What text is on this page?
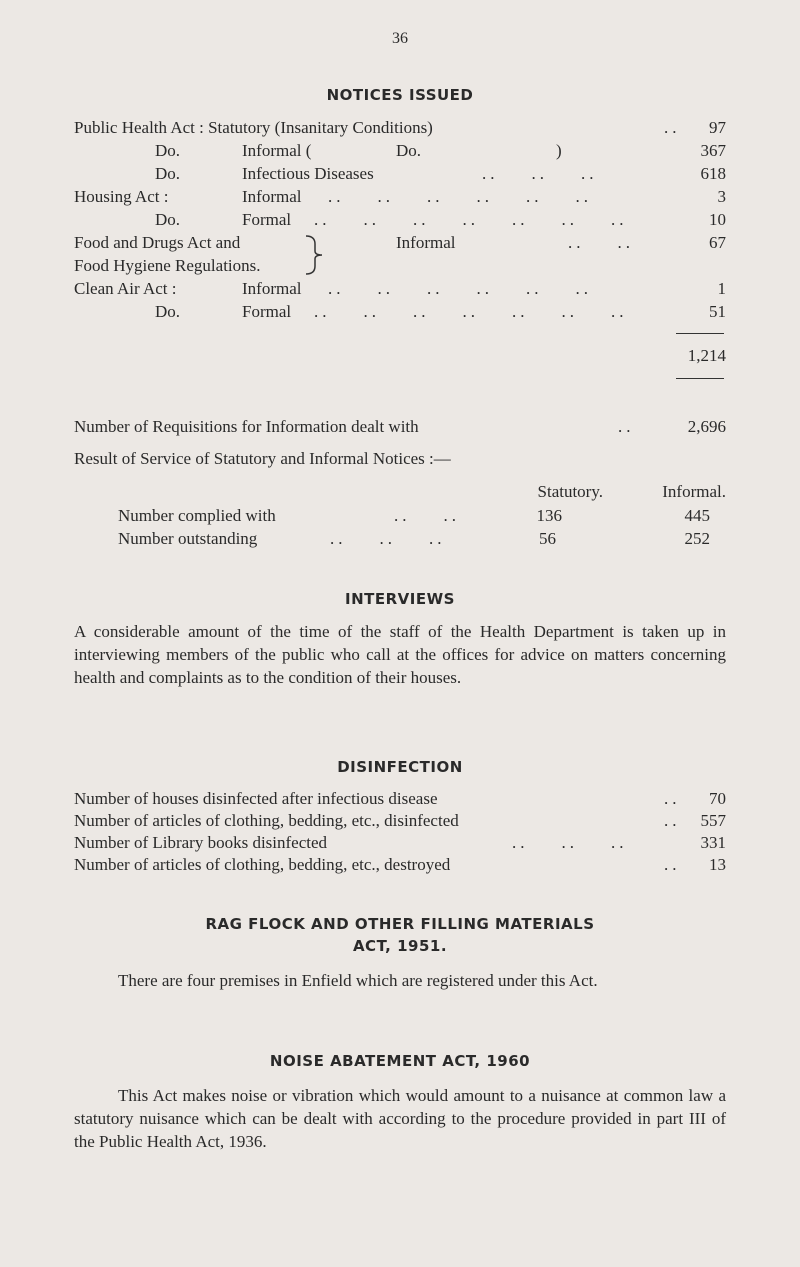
36
NOTICES ISSUED
Public Health Act : Statutory (Insanitary Conditions)	.. 97
Do.	Informal (	Do.	)	367
Do.	Infectious Diseases	..    ..    ..	618
Housing Act :	Informal ..    ..    ..    ..    ..    ..	3
Do.	Formal ..    ..    ..    ..    ..    ..    ..	10
Food and Drugs Act and	Informal	..    ..	67
Food Hygiene Regulations.
Clean Air Act :	Informal ..    ..    ..    ..    ..    ..	1
Do.	Formal ..    ..    ..    ..    ..    ..    ..	51
1,214
Number of Requisitions for Information dealt with	..	2,696
Result of Service of Statutory and Informal Notices :—
Statutory.	Informal.
Number complied with	..    ..	136	445
Number outstanding	..    ..    ..	56	252
INTERVIEWS
A considerable amount of the time of the staff of the Health Department is taken up in interviewing members of the public who call at the offices for advice on matters concerning health and complaints as to the condition of their houses.
DISINFECTION
Number of houses disinfected after infectious disease	.. 70
Number of articles of clothing, bedding, etc., disinfected	.. 557
Number of Library books disinfected	..    ..    ..	331
Number of articles of clothing, bedding, etc., destroyed	.. 13
RAG FLOCK AND OTHER FILLING MATERIALS
ACT, 1951.
There are four premises in Enfield which are registered under this Act.
NOISE ABATEMENT ACT, 1960
This Act makes noise or vibration which would amount to a nuisance at common law a statutory nuisance which can be dealt with according to the procedure provided in part III of the Public Health Act, 1936.
